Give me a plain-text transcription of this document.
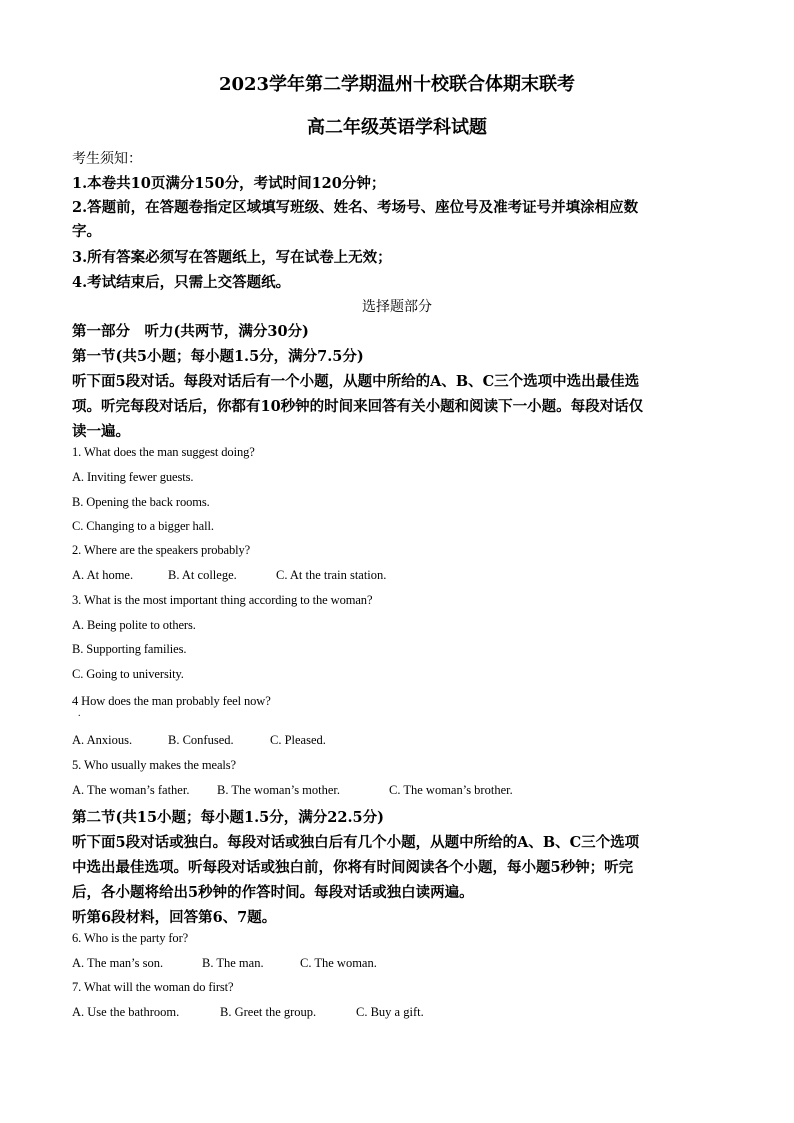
2023学年第二学期温州十校联合体期末联考
高二年级英语学科试题
考生须知：
1.本卷共10页满分150分，考试时间120分钟；
2.答题前，在答题卷指定区域填写班级、姓名、考场号、座位号及准考证号并填涂相应数
字。
3.所有答案必须写在答题纸上，写在试卷上无效；
4.考试结束后，只需上交答题纸。
选择题部分
第一部分　听力(共两节，满分30分)
第一节(共5小题；每小题1.5分，满分7.5分)
听下面5段对话。每段对话后有一个小题，从题中所给的A、B、C三个选项中选出最佳选
项。听完每段对话后，你都有10秒钟的时间来回答有关小题和阅读下一小题。每段对话仅
读一遍。
1. What does the man suggest doing?
A. Inviting fewer guests.
B. Opening the back rooms.
C. Changing to a bigger hall.
2. Where are the speakers probably?
A. At home.	B. At college.	C. At the train station.
3. What is the most important thing according to the woman?
A. Being polite to others.
B. Supporting families.
C. Going to university.
4 How does the man probably feel now?
.
A. Anxious.	B. Confused.	C. Pleased.
5. Who usually makes the meals?
A. The woman’s father. B. The woman’s mother.	C. The woman’s brother.
第二节(共15小题；每小题1.5分，满分22.5分)
听下面5段对话或独白。每段对话或独白后有几个小题，从题中所给的A、B、C三个选项
中选出最佳选项。听每段对话或独白前，你将有时间阅读各个小题，每小题5秒钟；听完
后，各小题将给出5秒钟的作答时间。每段对话或独白读两遍。
听第6段材料，回答第6、7题。
6. Who is the party for?
A. The man’s son.	B. The man.	C. The woman.
7. What will the woman do first?
A. Use the bathroom.	B. Greet the group.	C. Buy a gift.
